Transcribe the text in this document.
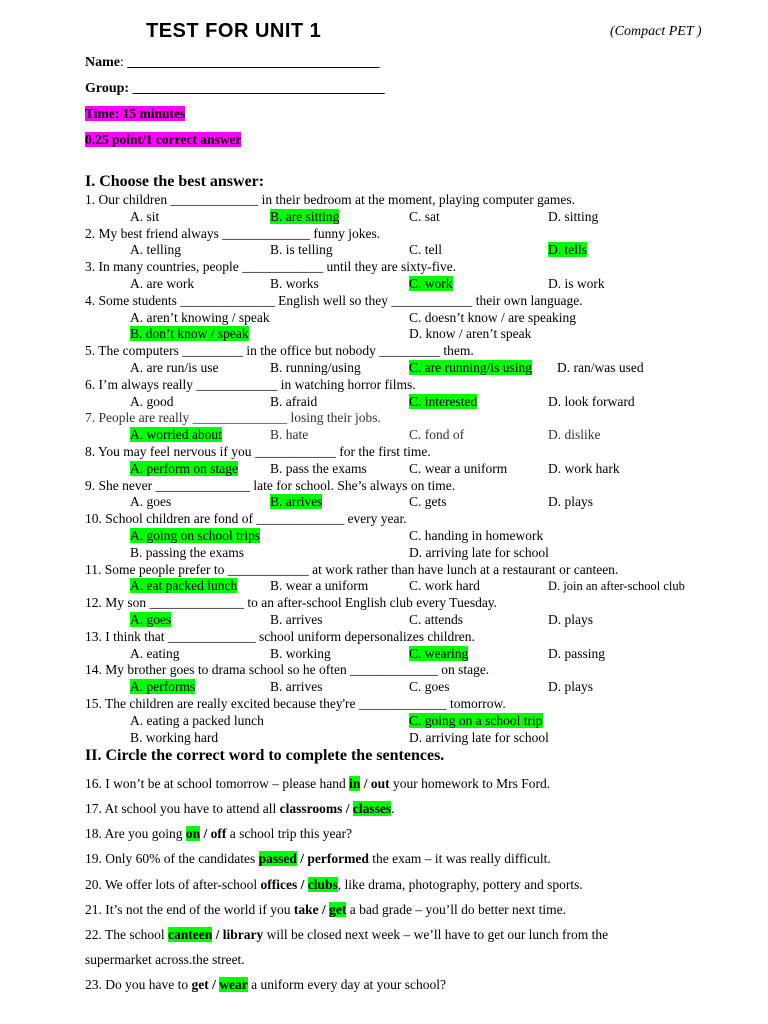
TEST FOR UNIT 1	(Compact PET )
Name: ____________________________________
Group: ____________________________________
Time: 15 minutes
0.25 point/1 correct answer
I. Choose the best answer:
1. Our children _____________ in their bedroom at the moment, playing computer games.
A. sit	B. are sitting	C. sat	D. sitting
2. My best friend always _____________ funny jokes.
A. telling	B. is telling	C. tell	D. tells
3. In many countries, people ____________ until they are sixty-five.
A. are work	B. works	C. work	D. is work
4. Some students ______________ English well so they ____________ their own language.
A. aren’t knowing / speak
B. don’t know / speak
C. doesn’t know / are speaking
D. know / aren’t speak
5. The computers _________ in the office but nobody _________ them.
A. are run/is use	B. running/using	C. are running/is using D. ran/was used
6. I’m always really ____________ in watching horror films.
A. good	B. afraid	C. interested	D. look forward
7. People are really ______________ losing their jobs.
A. worried about	B. hate	C. fond of	D. dislike
8. You may feel nervous if you ____________ for the first time.
A. perform on stage B. pass the exams	C. wear a uniform	D. work hark
9. She never ______________ late for school. She’s always on time.
A. goes	B. arrives	C. gets	D. plays
10. School children are fond of _____________ every year.
A. going on school trips	C. handing in homework
B. passing the exams	D. arriving late for school
11. Some people prefer to ____________ at work rather than have lunch at a restaurant or canteen.
A. eat packed lunch B. wear a uniform	C. work hard	D. join an after-school club
12. My son ______________ to an after-school English club every Tuesday.
A. goes	B. arrives	C. attends	D. plays
13. I think that _____________ school uniform depersonalizes children.
A. eating	B. working	C. wearing	D. passing
14. My brother goes to drama school so he often _____________ on stage.
A. performs	B. arrives	C. goes	D. plays
15. The children are really excited because they're _____________ tomorrow.
A. eating a packed lunch	C. going on a school trip
B. working hard	D. arriving late for school
II. Circle the correct word to complete the sentences.
16. I won’t be at school tomorrow – please hand in / out your homework to Mrs Ford.
17. At school you have to attend all classrooms / classes.
18. Are you going on / off a school trip this year?
19. Only 60% of the candidates passed / performed the exam – it was really difficult.
20. We offer lots of after-school offices / clubs, like drama, photography, pottery and sports.
21. It’s not the end of the world if you take / get a bad grade – you’ll do better next time.
22. The school canteen / library will be closed next week – we’ll have to get our lunch from the
supermarket across.the street.
23. Do you have to get / wear a uniform every day at your school?
